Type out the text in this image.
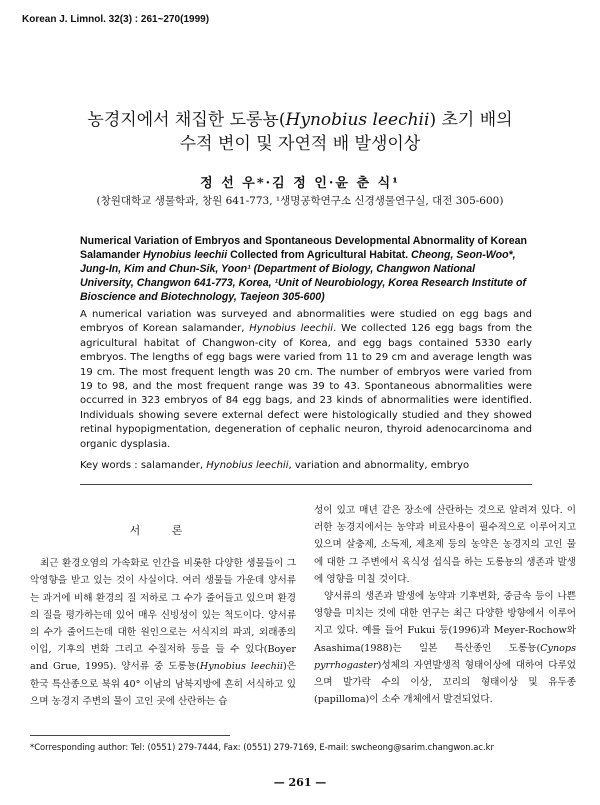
Korean J. Limnol. 32(3) : 261~270(1999)
농경지에서 채집한 도롱뇽(Hynobius leechii) 초기 배의
수적 변이 및 자연적 배 발생이상
정 선 우*·김 정 인·윤 춘 식¹
(창원대학교 생물학과, 창원 641-773, ¹생명공학연구소 신경생물연구실, 대전 305-600)
Numerical Variation of Embryos and Spontaneous Developmental Abnormality of Korean Salamander Hynobius leechii Collected from Agricultural Habitat. Cheong, Seon-Woo*, Jung-In, Kim and Chun-Sik, Yoon¹ (Department of Biology, Changwon National University, Changwon 641-773, Korea, ¹Unit of Neurobiology, Korea Research Institute of Bioscience and Biotechnology, Taejeon 305-600)
A numerical variation was surveyed and abnormalities were studied on egg bags and embryos of Korean salamander, Hynobius leechii. We collected 126 egg bags from the agricultural habitat of Changwon-city of Korea, and egg bags contained 5330 early embryos. The lengths of egg bags were varied from 11 to 29 cm and average length was 19 cm. The most frequent length was 20 cm. The number of embryos were varied from 19 to 98, and the most frequent range was 39 to 43. Spontaneous abnormalities were occurred in 323 embryos of 84 egg bags, and 23 kinds of abnormalities were identified. Individuals showing severe external defect were histologically studied and they showed retinal hypopigmentation, degeneration of cephalic neuron, thyroid adenocarcinoma and organic dysplasia.
Key words : salamander, Hynobius leechii, variation and abnormality, embryo
서 론

최근 환경오염의 가속화로 인간을 비롯한 다양한 생물들이 그 악영향을 받고 있는 것이 사실이다. 여러 생물들 가운데 양서류는 과거에 비해 환경의 질 저하로 그 수가 줄어들고 있으며 환경의 질을 평가하는데 있어 매우 신빙성이 있는 척도이다. 양서류의 수가 줄어드는데 대한 원인으로는 서식지의 파괴, 외래종의 이입, 기후의 변화 그리고 수질저하 등을 들 수 있다(Boyer and Grue, 1995). 양서류 중 도롱뇽(Hynobius leechii)은 한국 특산종으로 북위 40° 이남의 남북지방에 흔히 서식하고 있으며 농경지 주변의 물이 고인 곳에 산란하는 습

성이 있고 매년 같은 장소에 산란하는 것으로 알려져 있다. 이러한 농경지에서는 농약과 비료사용이 필수적으로 이루어지고 있으며 살충제, 소독제, 제초제 등의 농약은 농경지의 고인 물에 대한 그 주변에서 육식성 섭식을 하는 도롱뇽의 생존과 발생에 영향을 미칠 것이다.

양서류의 생존과 발생에 농약과 기후변화, 중금속 등이 나쁜 영향을 미치는 것에 대한 연구는 최근 다양한 방향에서 이루어지고 있다. 예를 들어 Fukui 등(1996)과 Meyer-Rochow와 Asashima(1988)는 일본 특산종인 도롱뇽(Cynops pyrrhogaster)성체의 자연발생적 형태이상에 대하여 다루었으며 발가락 수의 이상, 꼬리의 형태이상 및 유두종(papilloma)이 소수 개체에서 발견되었다.

*Corresponding author: Tel: (0551) 279-7444, Fax: (0551) 279-7169, E-mail: swcheong@sarim.changwon.ac.kr
— 261 —
